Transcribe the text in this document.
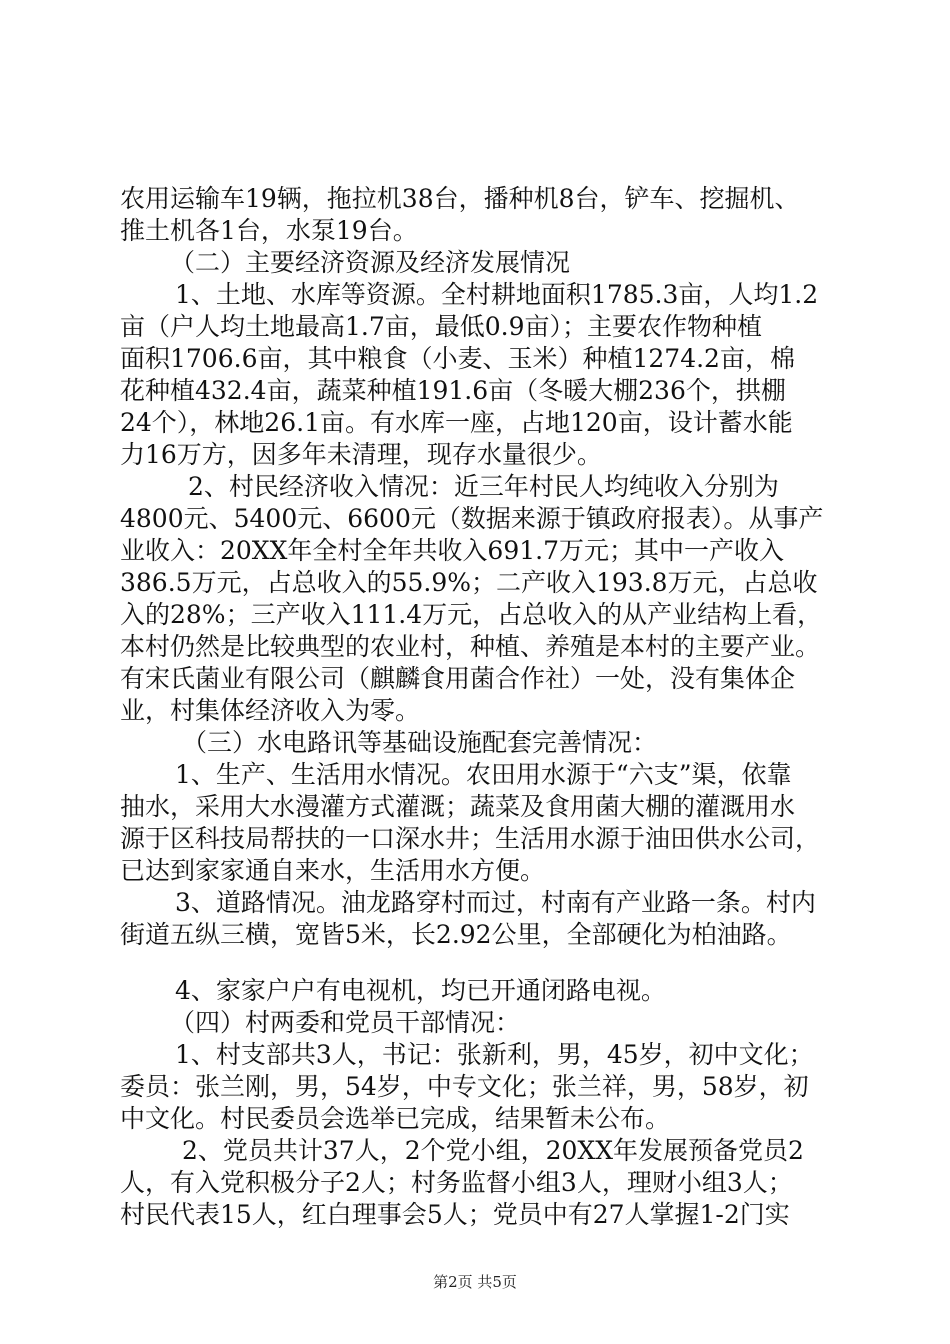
农用运输车19辆，拖拉机38台，播种机8台，铲车、挖掘机、
推土机各1台，水泵19台。
（二）主要经济资源及经济发展情况
1、土地、水库等资源。全村耕地面积1785.3亩，人均1.2
亩（户人均土地最高1.7亩，最低0.9亩）；主要农作物种植
面积1706.6亩，其中粮食（小麦、玉米）种植1274.2亩，棉
花种植432.4亩，蔬菜种植191.6亩（冬暖大棚236个，拱棚
24个），林地26.1亩。有水库一座，占地120亩，设计蓄水能
力16万方，因多年未清理，现存水量很少。
2、村民经济收入情况：近三年村民人均纯收入分别为
4800元、5400元、6600元（数据来源于镇政府报表）。从事产
业收入：20XX年全村全年共收入691.7万元；其中一产收入
386.5万元，占总收入的55.9%；二产收入193.8万元，占总收
入的28%；三产收入111.4万元，占总收入的从产业结构上看，
本村仍然是比较典型的农业村，种植、养殖是本村的主要产业。
有宋氏菌业有限公司（麒麟食用菌合作社）一处，没有集体企
业，村集体经济收入为零。
（三）水电路讯等基础设施配套完善情况：
1、生产、生活用水情况。农田用水源于“六支”渠，依靠
抽水，采用大水漫灌方式灌溉；蔬菜及食用菌大棚的灌溉用水
源于区科技局帮扶的一口深水井；生活用水源于油田供水公司，
已达到家家通自来水，生活用水方便。
3、道路情况。油龙路穿村而过，村南有产业路一条。村内
街道五纵三横，宽皆5米，长2.92公里，全部硬化为柏油路。
4、家家户户有电视机，均已开通闭路电视。
（四）村两委和党员干部情况：
1、村支部共3人，书记：张新利，男，45岁，初中文化；
委员：张兰刚，男，54岁，中专文化；张兰祥，男，58岁，初
中文化。村民委员会选举已完成，结果暂未公布。
2、党员共计37人，2个党小组，20XX年发展预备党员2
人，有入党积极分子2人；村务监督小组3人，理财小组3人；
村民代表15人，红白理事会5人；党员中有27人掌握1-2门实
第2页 共5页
